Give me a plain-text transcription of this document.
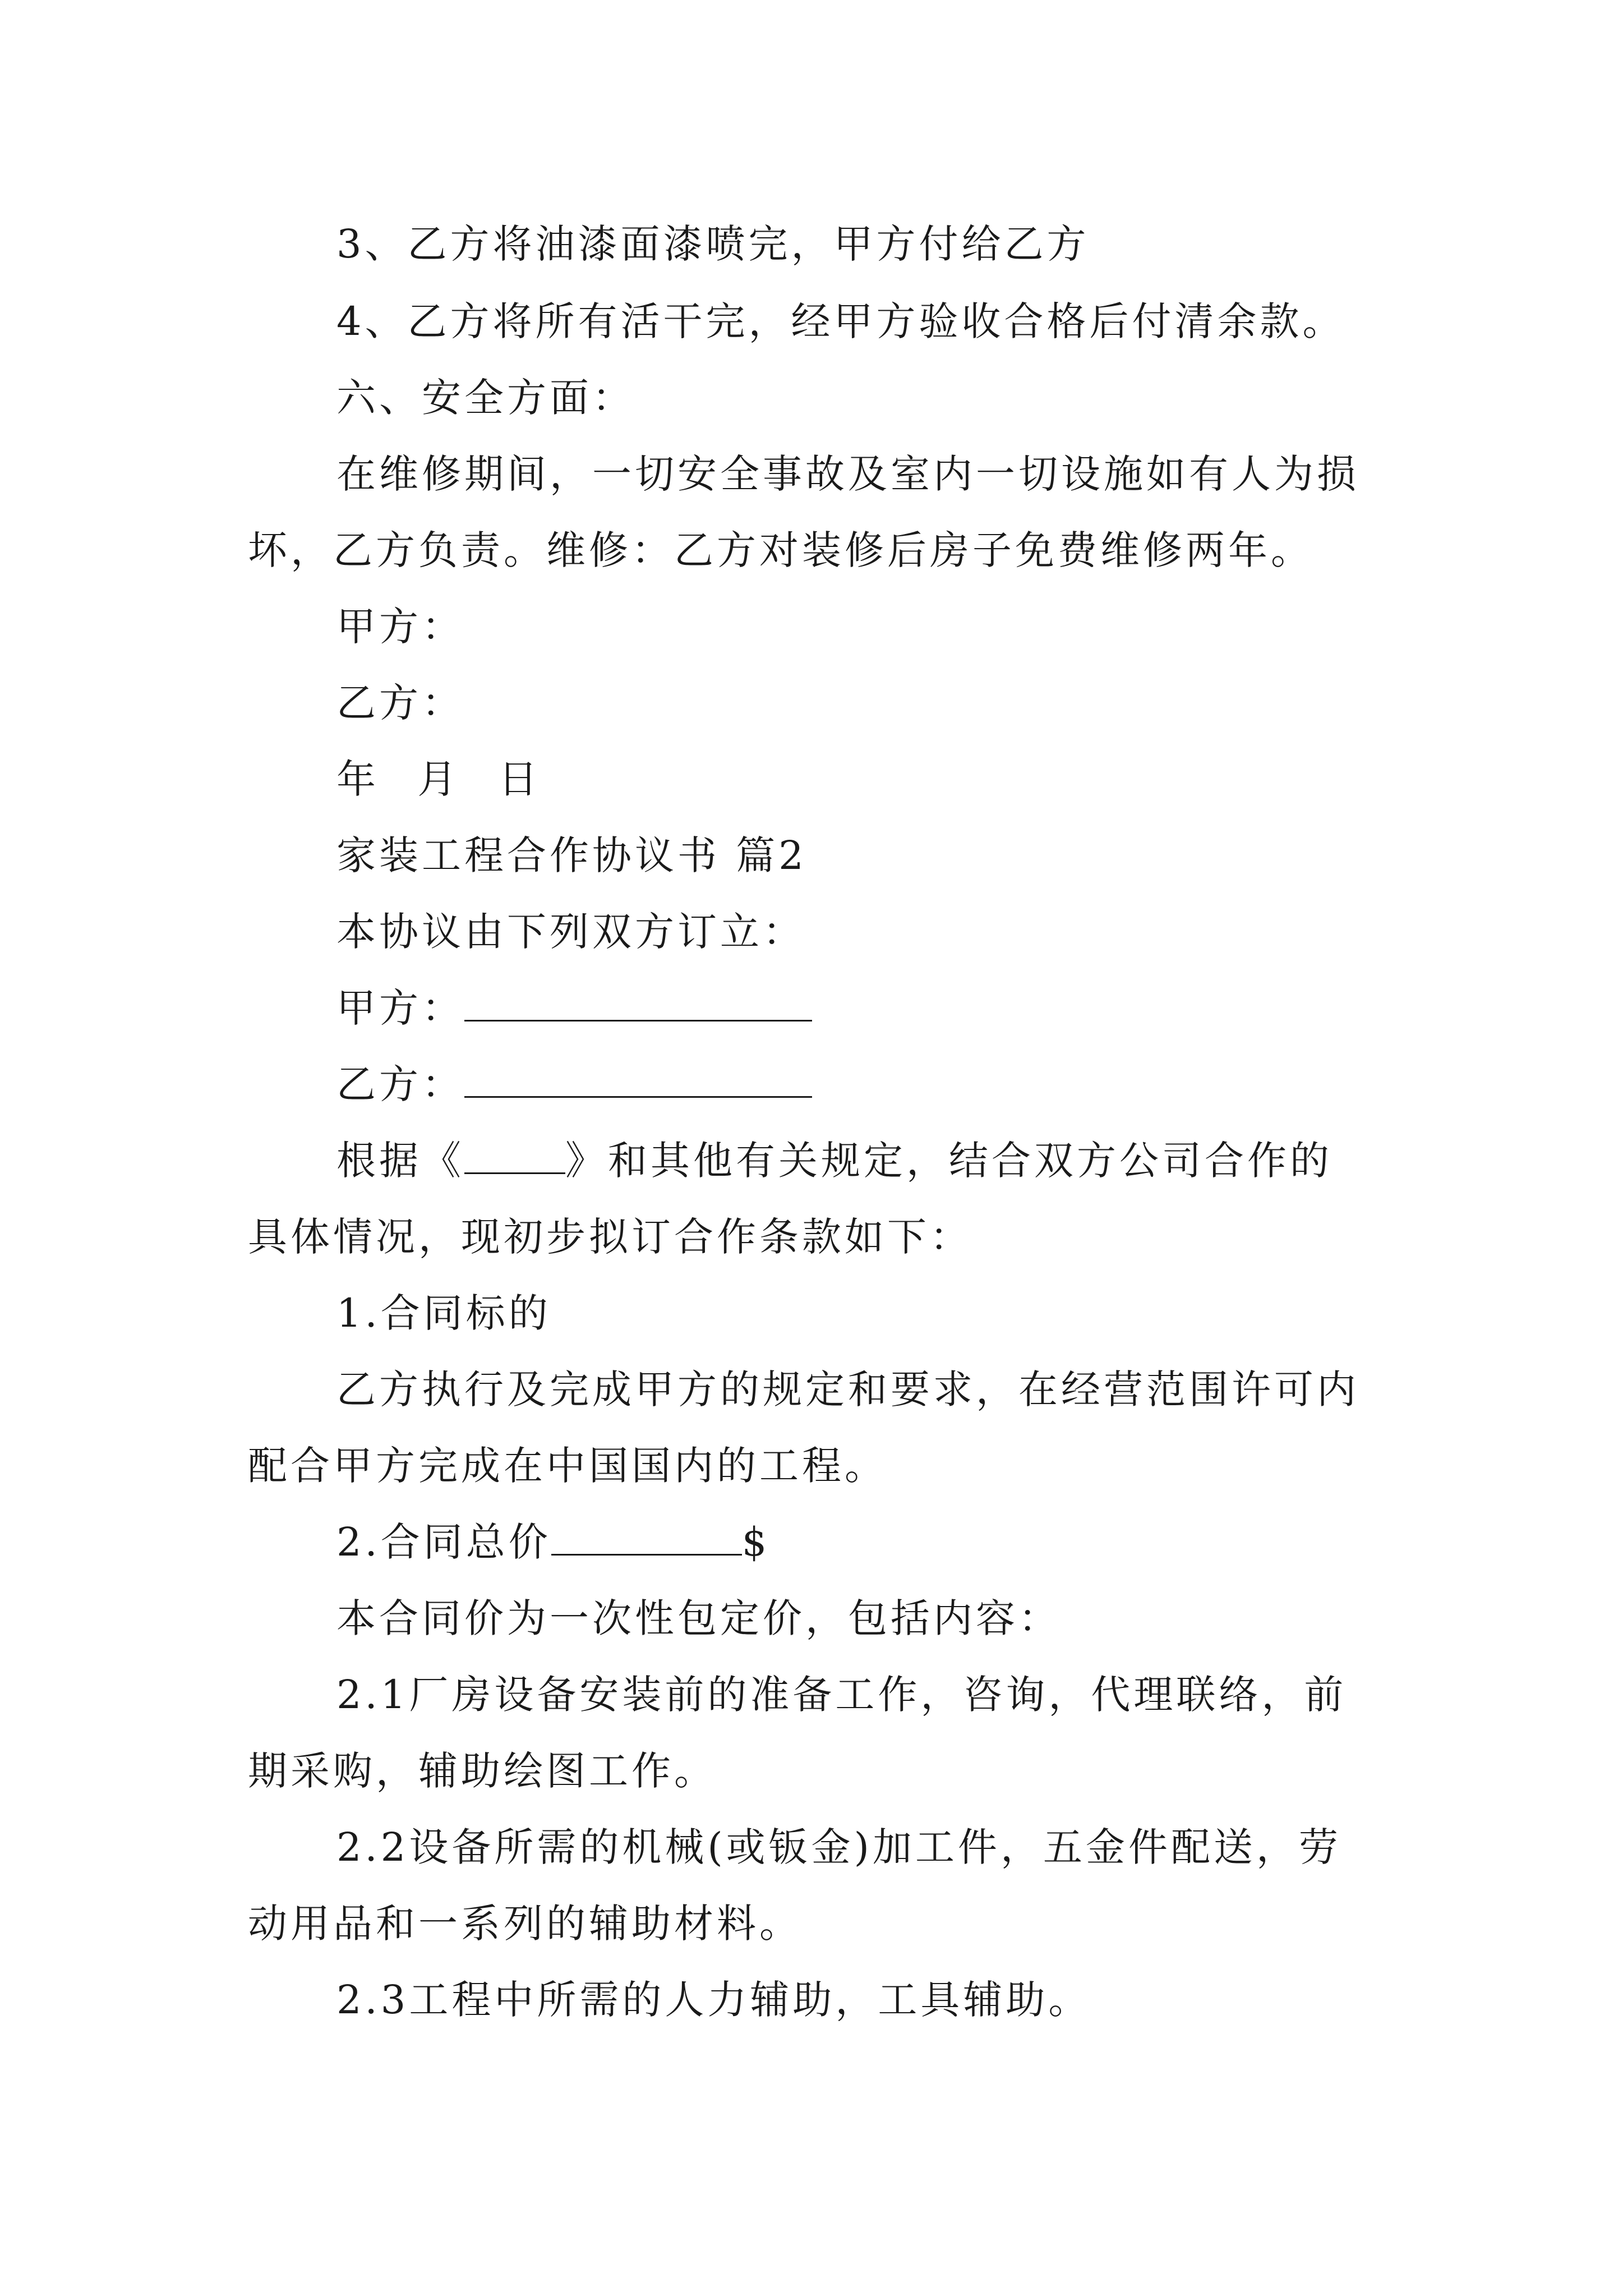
3、乙方将油漆面漆喷完，甲方付给乙方
4、乙方将所有活干完，经甲方验收合格后付清余款。
六、安全方面：
在维修期间，一切安全事故及室内一切设施如有人为损
坏，乙方负责。维修：乙方对装修后房子免费维修两年。
甲方：
乙方：
年 月 日
家装工程合作协议书 篇2
本协议由下列双方订立：
甲方：
乙方：
根据《	》和其他有关规定，结合双方公司合作的
具体情况，现初步拟订合作条款如下：
1.合同标的
乙方执行及完成甲方的规定和要求，在经营范围许可内
配合甲方完成在中国国内的工程。
2.合同总价	$
本合同价为一次性包定价，包括内容：
2.1厂房设备安装前的准备工作，咨询，代理联络，前
期采购，辅助绘图工作。
2.2设备所需的机械(或钣金)加工件，五金件配送，劳
动用品和一系列的辅助材料。
2.3工程中所需的人力辅助，工具辅助。
